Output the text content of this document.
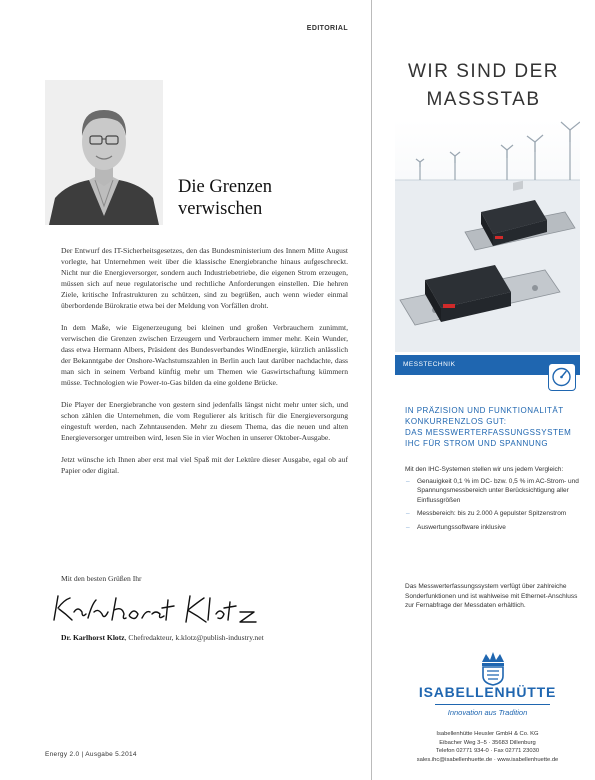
EDITORIAL
Die Grenzen
verwischen

Der Entwurf des IT-Sicherheitsgesetzes, den das Bundesministerium des Innern Mitte August vorlegte, hat Unternehmen weit über die klassische Energiebranche hinaus aufgeschreckt. Nicht nur die Energieversorger, sondern auch Industriebetriebe, die eigenen Strom erzeugen, müssen sich auf neue regulatorische und rechtliche Anforderungen einstellen. Die hehren Ziele, kritische Infrastrukturen zu schützen, sind zu begrüßen, auch wenn wieder einmal überbordende Bürokratie etwa bei der Meldung von Vorfällen droht.

In dem Maße, wie Eigenerzeugung bei kleinen und großen Verbrauchern zunimmt, verwischen die Grenzen zwischen Erzeugern und Verbrauchern immer mehr. Kein Wunder, dass etwa Hermann Albers, Präsident des Bundesverbandes WindEnergie, kürzlich anlässlich der Bekanntgabe der Onshore-Wachstumszahlen in Berlin auch laut darüber nachdachte, dass man sich in seinem Verband künftig mehr um Themen wie Gaswirtschaftung kümmern müsse. Technologien wie Power-to-Gas bilden da eine goldene Brücke.

Die Player der Energiebranche von gestern sind jedenfalls längst nicht mehr unter sich, und schon zählen die Unternehmen, die vom Regulierer als kritisch für die Energieversorgung eingestuft werden, nach Zehntausenden. Mehr zu diesem Thema, das die neuen und alten Energieversorger umtreiben wird, lesen Sie in vier Wochen in unserer Oktober-Ausgabe.

Jetzt wünsche ich Ihnen aber erst mal viel Spaß mit der Lektüre dieser Ausgabe, egal ob auf Papier oder digital.

Mit den besten Grüßen Ihr
Dr. Karlhorst Klotz, Chefredakteur, k.klotz@publish-industry.net
Energy 2.0 | Ausgabe 5.2014
WIR SIND DER
MASSSTAB
MESSTECHNIK
IN PRÄZISION UND FUNKTIONALITÄT
KONKURRENZLOS GUT:
DAS MESSWERTERFASSUNGSSYSTEM
IHC FÜR STROM UND SPANNUNG
Mit den IHC-Systemen stellen wir uns jedem Vergleich:
_ Genauigkeit 0,1 % im DC- bzw. 0,5 % im AC-Strom- und Spannungsmessbereich unter Berücksichtigung aller Einflussgrößen
_ Messbereich: bis zu 2.000 A gepulster Spitzenstrom
_ Auswertungssoftware inklusive
Das Messwerterfassungssystem verfügt über zahlreiche Sonderfunktionen und ist wahlweise mit Ethernet-Anschluss zur Fernabfrage der Messdaten erhältlich.
ISABELLENHÜTTE
Innovation aus Tradition
Isabellenhütte Heusler GmbH & Co. KG
Eibacher Weg 3–5 · 35683 Dillenburg
Telefon 02771 934-0 · Fax 02771 23030
sales.ihc@isabellenhuette.de · www.isabellenhuette.de
